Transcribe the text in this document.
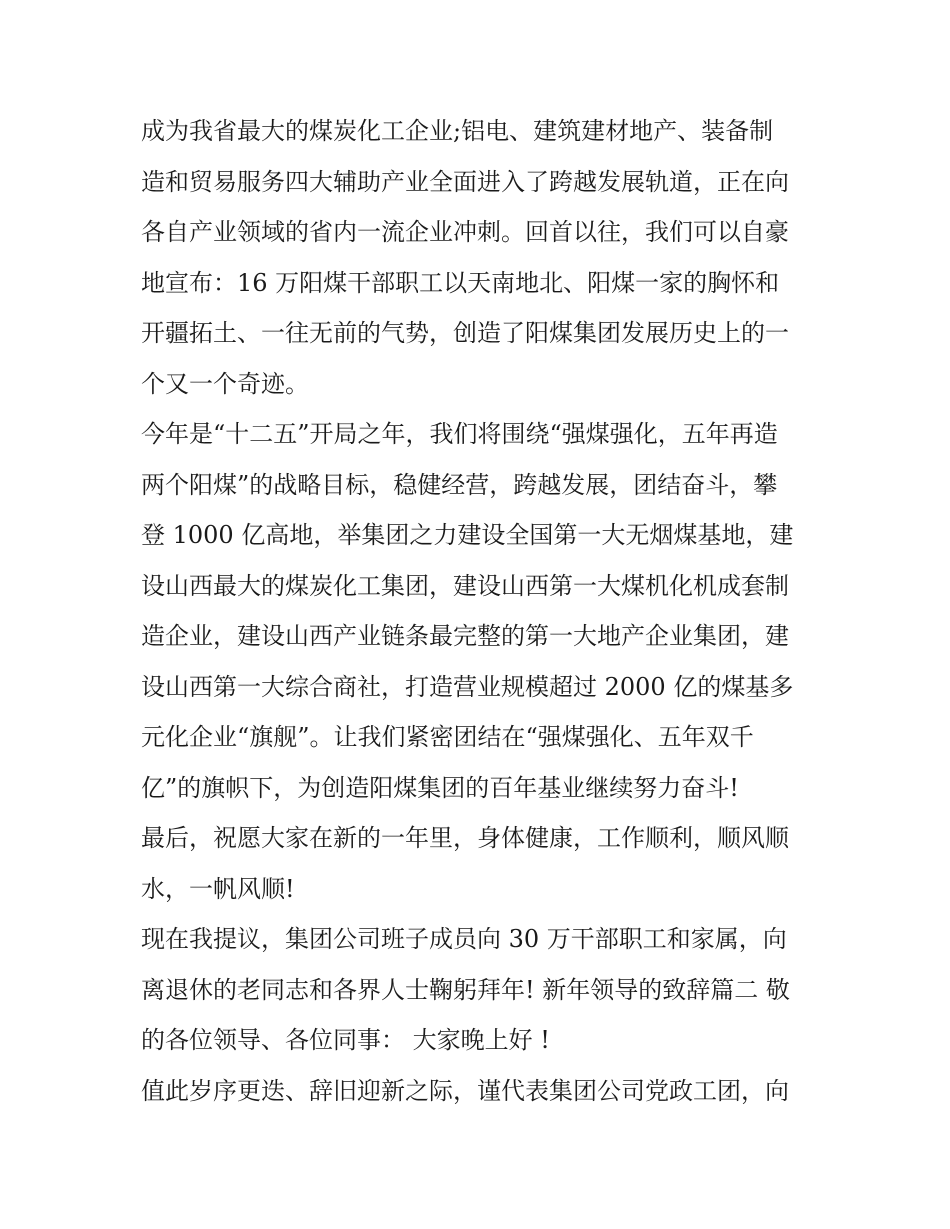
成为我省最大的煤炭化工企业;铝电、建筑建材地产、装备制
造和贸易服务四大辅助产业全面进入了跨越发展轨道，正在向
各自产业领域的省内一流企业冲刺。回首以往，我们可以自豪
地宣布：16 万阳煤干部职工以天南地北、阳煤一家的胸怀和
开疆拓土、一往无前的气势，创造了阳煤集团发展历史上的一
个又一个奇迹。
今年是“十二五”开局之年，我们将围绕“强煤强化，五年再造
两个阳煤”的战略目标，稳健经营，跨越发展，团结奋斗，攀
登 1000 亿高地，举集团之力建设全国第一大无烟煤基地，建
设山西最大的煤炭化工集团，建设山西第一大煤机化机成套制
造企业，建设山西产业链条最完整的第一大地产企业集团，建
设山西第一大综合商社，打造营业规模超过 2000 亿的煤基多
元化企业“旗舰”。让我们紧密团结在“强煤强化、五年双千
亿”的旗帜下，为创造阳煤集团的百年基业继续努力奋斗!
最后，祝愿大家在新的一年里，身体健康，工作顺利，顺风顺
水，一帆风顺!
现在我提议，集团公司班子成员向 30 万干部职工和家属，向
离退休的老同志和各界人士鞠躬拜年! 新年领导的致辞篇二 敬
的各位领导、各位同事： 大家晚上好 !
值此岁序更迭、辞旧迎新之际，谨代表集团公司党政工团，向
